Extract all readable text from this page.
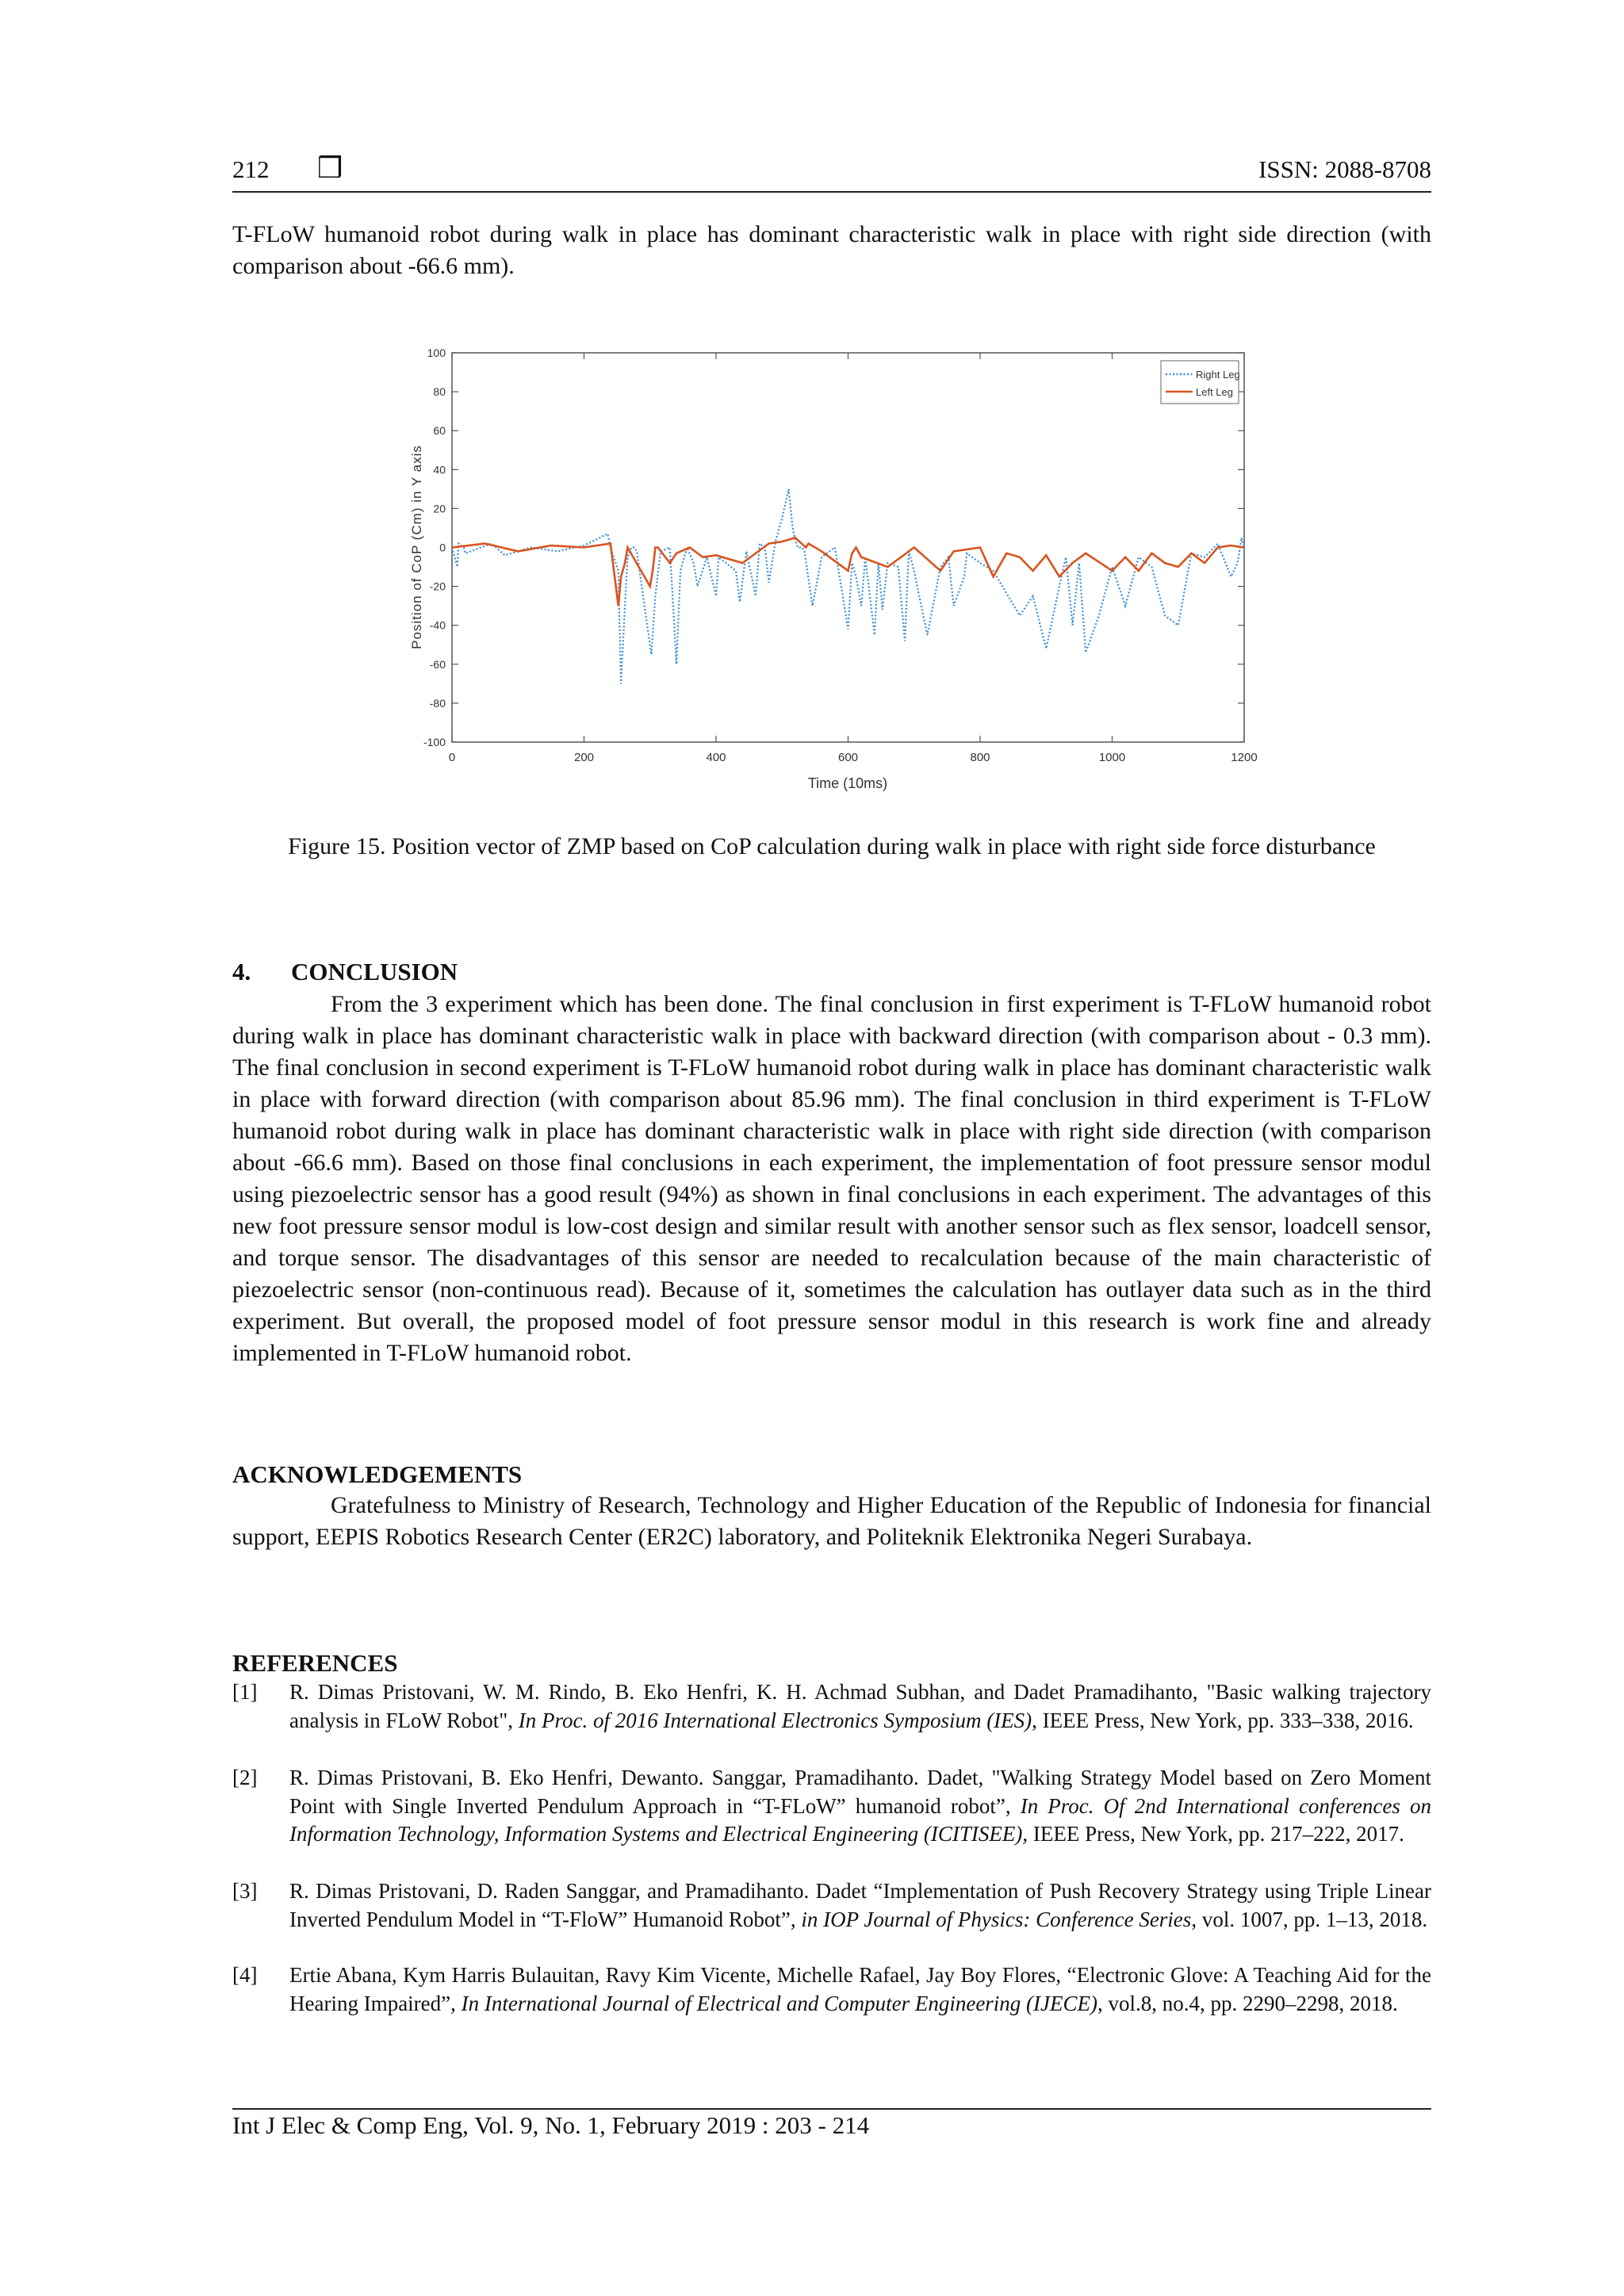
212 ❒	ISSN: 2088-8708
T-FLoW humanoid robot during walk in place has dominant characteristic walk in place with right side direction (with comparison about -66.6 mm).
100
80
60
40
20
0
-20
-40
-60
-80
-100
0	200	400	600	800	1000	1200
Right Leg
Left Leg
Time (10ms)
Position of CoP (Cm) in Y axis
Figure 15. Position vector of ZMP based on CoP calculation during walk in place with right side force disturbance
4. CONCLUSION
From the 3 experiment which has been done. The final conclusion in first experiment is T-FLoW humanoid robot during walk in place has dominant characteristic walk in place with backward direction (with comparison about - 0.3 mm). The final conclusion in second experiment is T-FLoW humanoid robot during walk in place has dominant characteristic walk in place with forward direction (with comparison about 85.96 mm). The final conclusion in third experiment is T-FLoW humanoid robot during walk in place has dominant characteristic walk in place with right side direction (with comparison about -66.6 mm). Based on those final conclusions in each experiment, the implementation of foot pressure sensor modul using piezoelectric sensor has a good result (94%) as shown in final conclusions in each experiment. The advantages of this new foot pressure sensor modul is low-cost design and similar result with another sensor such as flex sensor, loadcell sensor, and torque sensor. The disadvantages of this sensor are needed to recalculation because of the main characteristic of piezoelectric sensor (non-continuous read). Because of it, sometimes the calculation has outlayer data such as in the third experiment. But overall, the proposed model of foot pressure sensor modul in this research is work fine and already implemented in T-FLoW humanoid robot.
ACKNOWLEDGEMENTS
Gratefulness to Ministry of Research, Technology and Higher Education of the Republic of Indonesia for financial support, EEPIS Robotics Research Center (ER2C) laboratory, and Politeknik Elektronika Negeri Surabaya.
REFERENCES
[1] R. Dimas Pristovani, W. M. Rindo, B. Eko Henfri, K. H. Achmad Subhan, and Dadet Pramadihanto, "Basic walking trajectory analysis in FLoW Robot", In Proc. of 2016 International Electronics Symposium (IES), IEEE Press, New York, pp. 333–338, 2016.
[2] R. Dimas Pristovani, B. Eko Henfri, Dewanto. Sanggar, Pramadihanto. Dadet, "Walking Strategy Model based on Zero Moment Point with Single Inverted Pendulum Approach in “T-FLoW” humanoid robot”, In Proc. Of 2nd International conferences on Information Technology, Information Systems and Electrical Engineering (ICITISEE), IEEE Press, New York, pp. 217–222, 2017.
[3] R. Dimas Pristovani, D. Raden Sanggar, and Pramadihanto. Dadet “Implementation of Push Recovery Strategy using Triple Linear Inverted Pendulum Model in “T-FloW” Humanoid Robot”, in IOP Journal of Physics: Conference Series, vol. 1007, pp. 1–13, 2018.
[4] Ertie Abana, Kym Harris Bulauitan, Ravy Kim Vicente, Michelle Rafael, Jay Boy Flores, “Electronic Glove: A Teaching Aid for the Hearing Impaired”, In International Journal of Electrical and Computer Engineering (IJECE), vol.8, no.4, pp. 2290–2298, 2018.
Int J Elec & Comp Eng, Vol. 9, No. 1, February 2019 : 203 - 214
